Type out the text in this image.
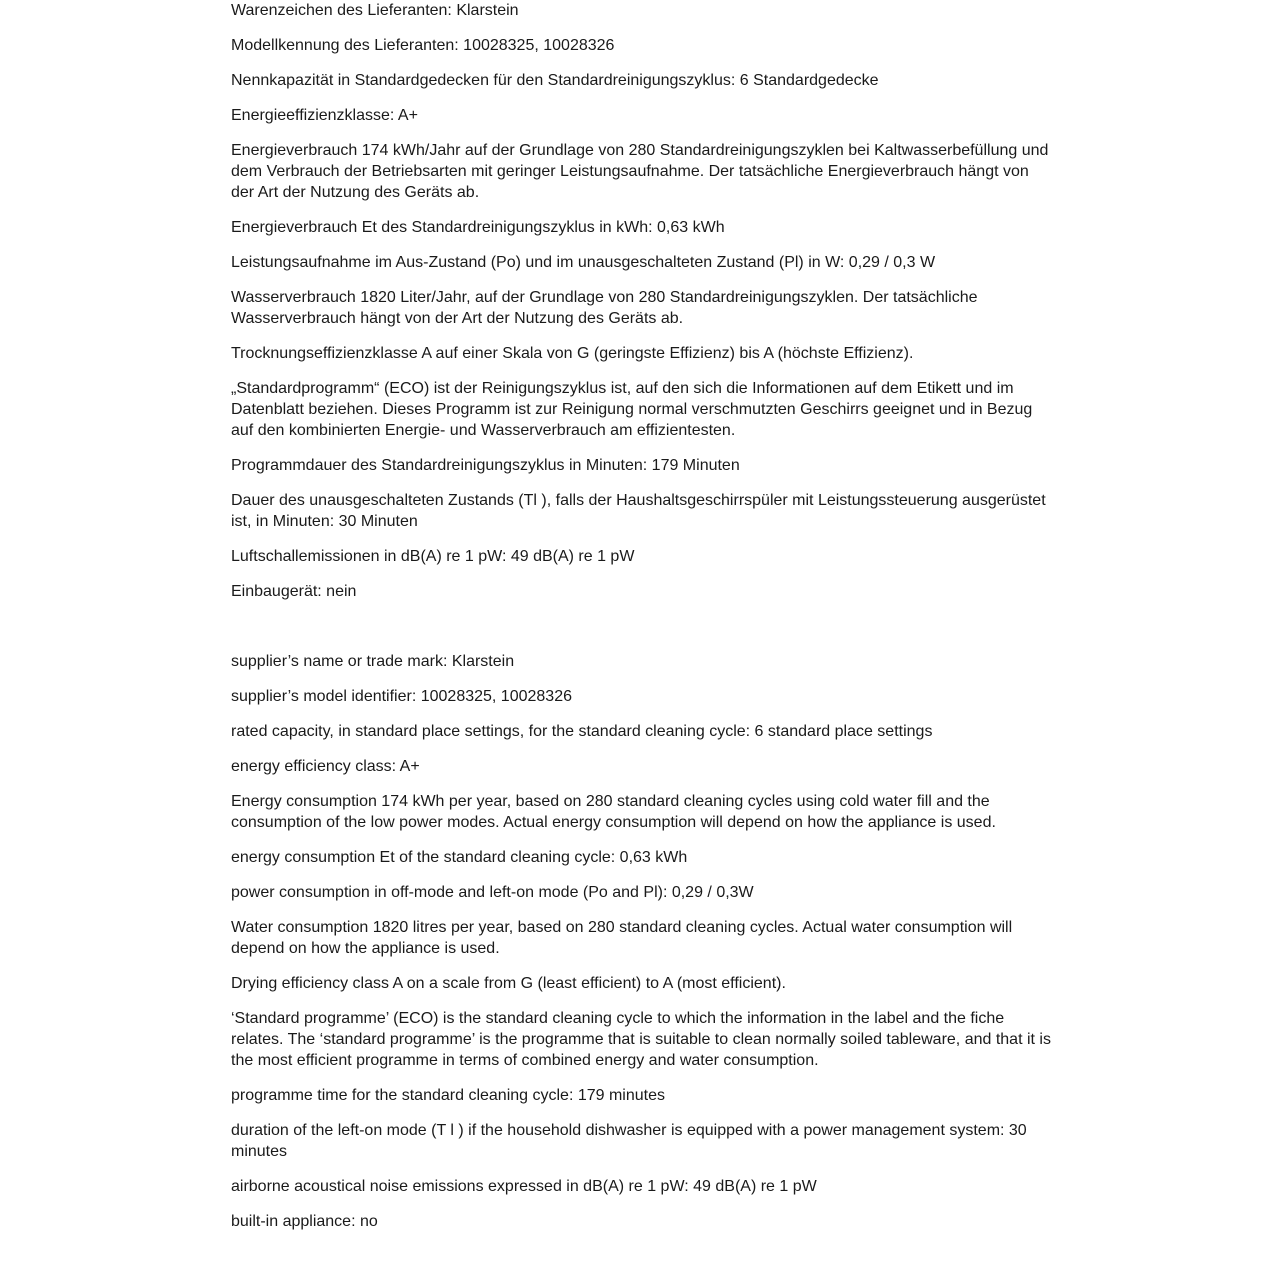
Warenzeichen des Lieferanten: Klarstein

Modellkennung des Lieferanten: 10028325, 10028326

Nennkapazität in Standardgedecken für den Standardreinigungszyklus: 6 Standardgedecke

Energieeffizienzklasse: A+

Energieverbrauch 174 kWh/Jahr auf der Grundlage von 280 Standardreinigungszyklen bei Kaltwasserbefüllung und dem Verbrauch der Betriebsarten mit geringer Leistungsaufnahme. Der tatsächliche Energieverbrauch hängt von der Art der Nutzung des Geräts ab.

Energieverbrauch Et des Standardreinigungszyklus in kWh: 0,63 kWh

Leistungsaufnahme im Aus-Zustand (Po) und im unausgeschalteten Zustand (Pl) in W: 0,29 / 0,3 W

Wasserverbrauch 1820 Liter/Jahr, auf der Grundlage von 280 Standardreinigungszyklen. Der tatsächliche Wasserverbrauch hängt von der Art der Nutzung des Geräts ab.

Trocknungseffizienzklasse A auf einer Skala von G (geringste Effizienz) bis A (höchste Effizienz).

„Standardprogramm“ (ECO) ist der Reinigungszyklus ist, auf den sich die Informationen auf dem Etikett und im Datenblatt beziehen. Dieses Programm ist zur Reinigung normal verschmutzten Geschirrs geeignet und in Bezug auf den kombinierten Energie- und Wasserverbrauch am effizientesten.

Programmdauer des Standardreinigungszyklus in Minuten: 179 Minuten

Dauer des unausgeschalteten Zustands (Tl ), falls der Haushaltsgeschirrspüler mit Leistungssteuerung ausgerüstet ist, in Minuten: 30 Minuten

Luftschallemissionen in dB(A) re 1 pW: 49 dB(A) re 1 pW

Einbaugerät: nein

supplier’s name or trade mark: Klarstein

supplier’s model identifier: 10028325, 10028326

rated capacity, in standard place settings, for the standard cleaning cycle: 6 standard place settings

energy efficiency class: A+

Energy consumption 174 kWh per year, based on 280 standard cleaning cycles using cold water fill and the consumption of the low power modes. Actual energy consumption will depend on how the appliance is used.

energy consumption Et of the standard cleaning cycle: 0,63 kWh

power consumption in off-mode and left-on mode (Po and Pl): 0,29 / 0,3W

Water consumption 1820 litres per year, based on 280 standard cleaning cycles. Actual water consumption will depend on how the appliance is used.

Drying efficiency class A on a scale from G (least efficient) to A (most efficient).

‘Standard programme’ (ECO) is the standard cleaning cycle to which the information in the label and the fiche relates. The ‘standard programme’ is the programme that is suitable to clean normally soiled tableware, and that it is the most efficient programme in terms of combined energy and water consumption.

programme time for the standard cleaning cycle: 179 minutes

duration of the left-on mode (T l ) if the household dishwasher is equipped with a power management system: 30 minutes

airborne acoustical noise emissions expressed in dB(A) re 1 pW: 49 dB(A) re 1 pW

built-in appliance: no
